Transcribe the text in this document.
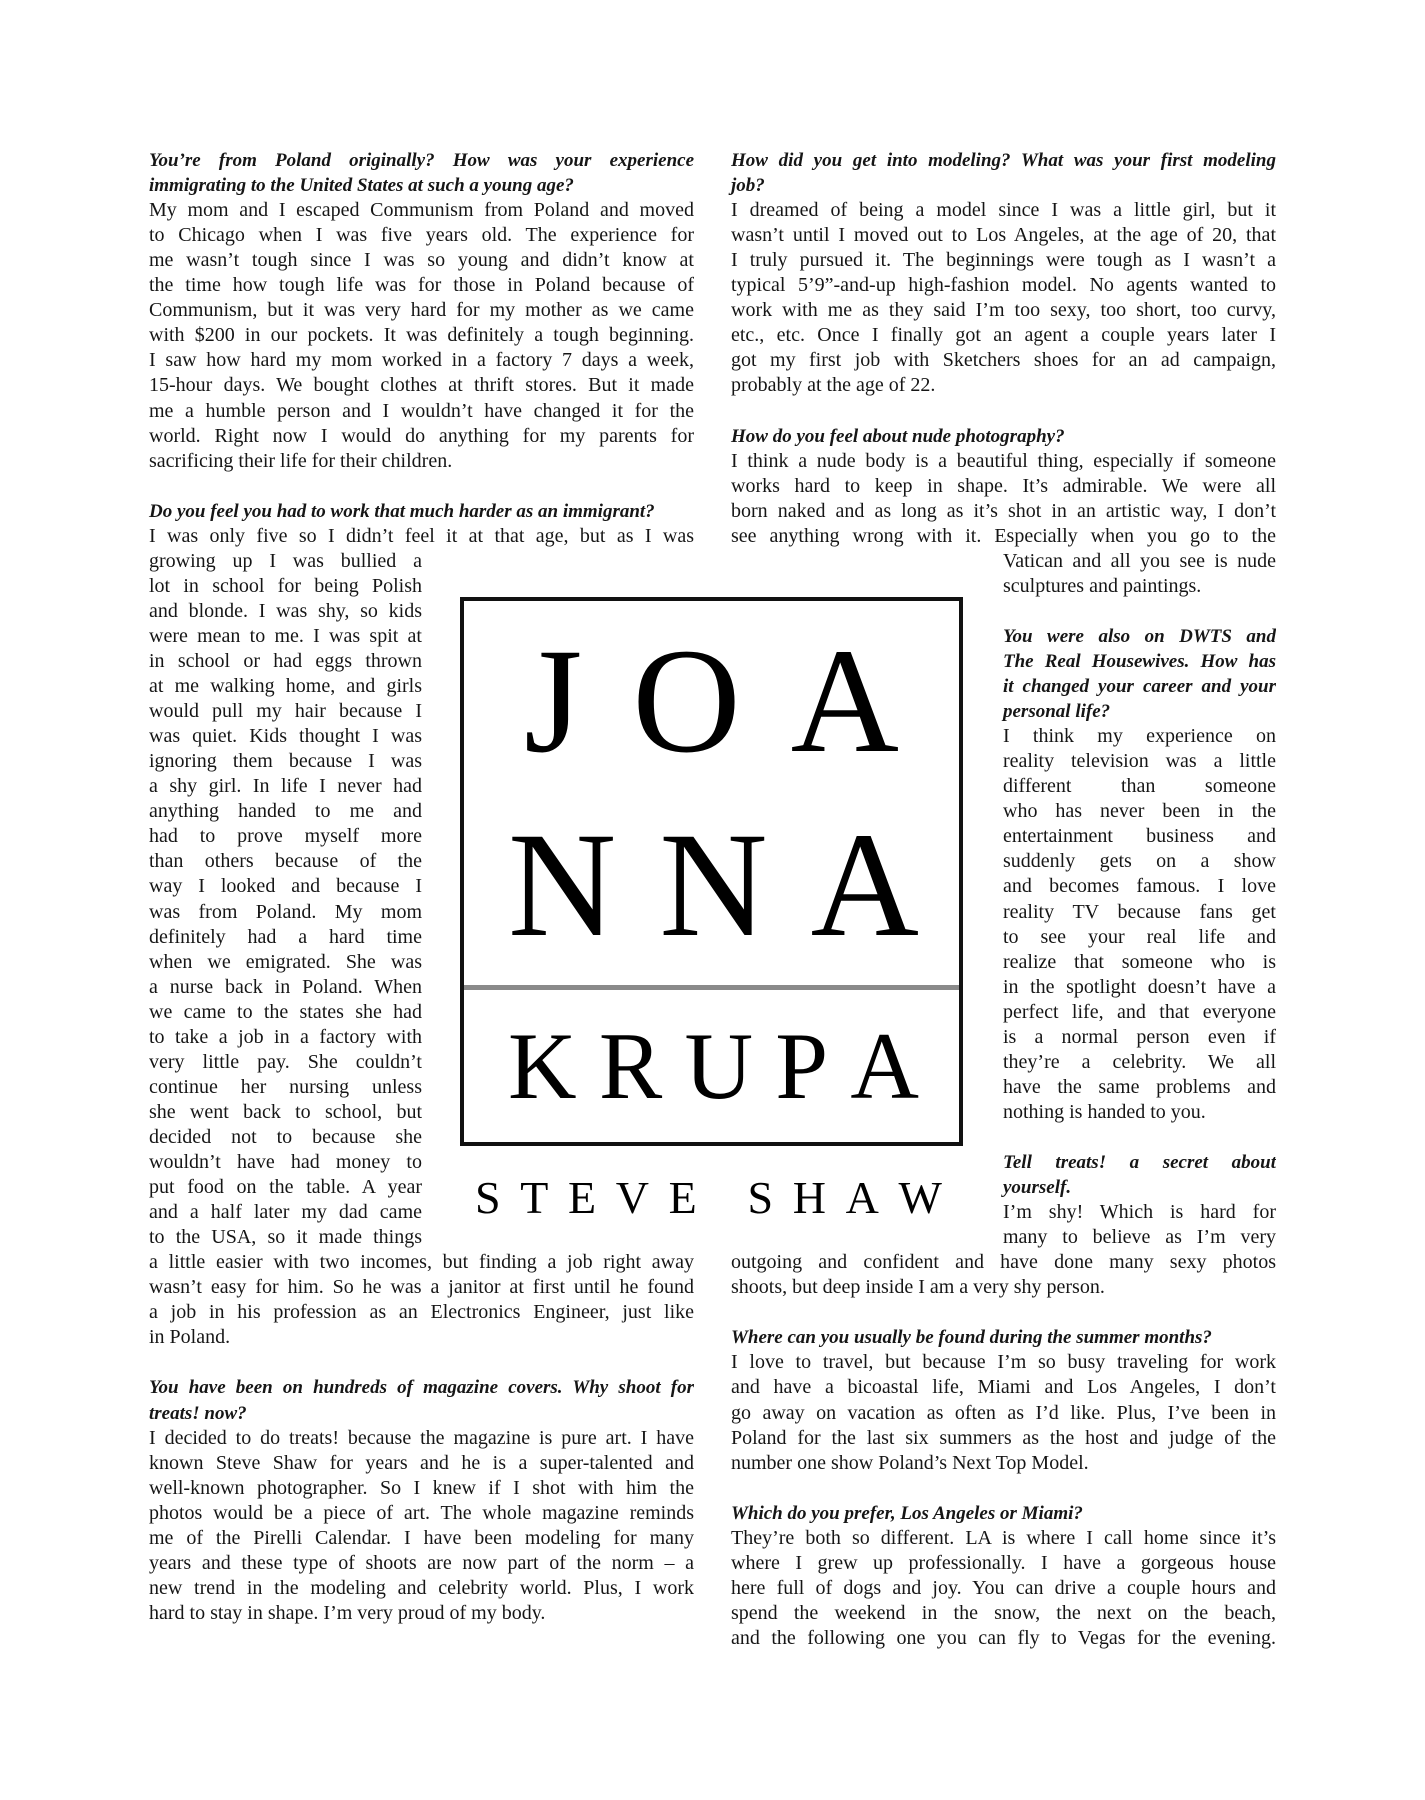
You’re from Poland originally? How was your experience
immigrating to the United States at such a young age?
My mom and I escaped Communism from Poland and moved
to Chicago when I was five years old. The experience for
me wasn’t tough since I was so young and didn’t know at
the time how tough life was for those in Poland because of
Communism, but it was very hard for my mother as we came
with $200 in our pockets. It was definitely a tough beginning.
I saw how hard my mom worked in a factory 7 days a week,
15-hour days. We bought clothes at thrift stores. But it made
me a humble person and I wouldn’t have changed it for the
world. Right now I would do anything for my parents for
sacrificing their life for their children.
Do you feel you had to work that much harder as an immigrant?
I was only five so I didn’t feel it at that age, but as I was
growing up I was bullied a
lot in school for being Polish
and blonde. I was shy, so kids
were mean to me. I was spit at
in school or had eggs thrown
at me walking home, and girls
would pull my hair because I
was quiet. Kids thought I was
ignoring them because I was
a shy girl. In life I never had
anything handed to me and
had to prove myself more
than others because of the
way I looked and because I
was from Poland. My mom
definitely had a hard time
when we emigrated. She was
a nurse back in Poland. When
we came to the states she had
to take a job in a factory with
very little pay. She couldn’t
continue her nursing unless
she went back to school, but
decided not to because she
wouldn’t have had money to
put food on the table. A year
and a half later my dad came
to the USA, so it made things
a little easier with two incomes, but finding a job right away
wasn’t easy for him. So he was a janitor at first until he found
a job in his profession as an Electronics Engineer, just like
in Poland.
You have been on hundreds of magazine covers. Why shoot for
treats! now?
I decided to do treats! because the magazine is pure art. I have
known Steve Shaw for years and he is a super-talented and
well-known photographer. So I knew if I shot with him the
photos would be a piece of art. The whole magazine reminds
me of the Pirelli Calendar. I have been modeling for many
years and these type of shoots are now part of the norm – a
new trend in the modeling and celebrity world. Plus, I work
hard to stay in shape. I’m very proud of my body.
How did you get into modeling? What was your first modeling
job?
I dreamed of being a model since I was a little girl, but it
wasn’t until I moved out to Los Angeles, at the age of 20, that
I truly pursued it. The beginnings were tough as I wasn’t a
typical 5’9”-and-up high-fashion model. No agents wanted to
work with me as they said I’m too sexy, too short, too curvy,
etc., etc. Once I finally got an agent a couple years later I
got my first job with Sketchers shoes for an ad campaign,
probably at the age of 22.
How do you feel about nude photography?
I think a nude body is a beautiful thing, especially if someone
works hard to keep in shape. It’s admirable. We were all
born naked and as long as it’s shot in an artistic way, I don’t
see anything wrong with it. Especially when you go to the
Vatican and all you see is nude
sculptures and paintings.
You were also on DWTS and
The Real Housewives. How has
it changed your career and your
personal life?
I think my experience on
reality television was a little
different than someone
who has never been in the
entertainment business and
suddenly gets on a show
and becomes famous. I love
reality TV because fans get
to see your real life and
realize that someone who is
in the spotlight doesn’t have a
perfect life, and that everyone
is a normal person even if
they’re a celebrity. We all
have the same problems and
nothing is handed to you.
Tell treats! a secret about
yourself.
I’m shy! Which is hard for
many to believe as I’m very
outgoing and confident and have done many sexy photos
shoots, but deep inside I am a very shy person.
Where can you usually be found during the summer months?
I love to travel, but because I’m so busy traveling for work
and have a bicoastal life, Miami and Los Angeles, I don’t
go away on vacation as often as I’d like. Plus, I’ve been in
Poland for the last six summers as the host and judge of the
number one show Poland’s Next Top Model.
Which do you prefer, Los Angeles or Miami?
They’re both so different. LA is where I call home since it’s
where I grew up professionally. I have a gorgeous house
here full of dogs and joy. You can drive a couple hours and
spend the weekend in the snow, the next on the beach,
and the following one you can fly to Vegas for the evening.
J O A
N N A
K R U P A
S T E V E
S H A W
